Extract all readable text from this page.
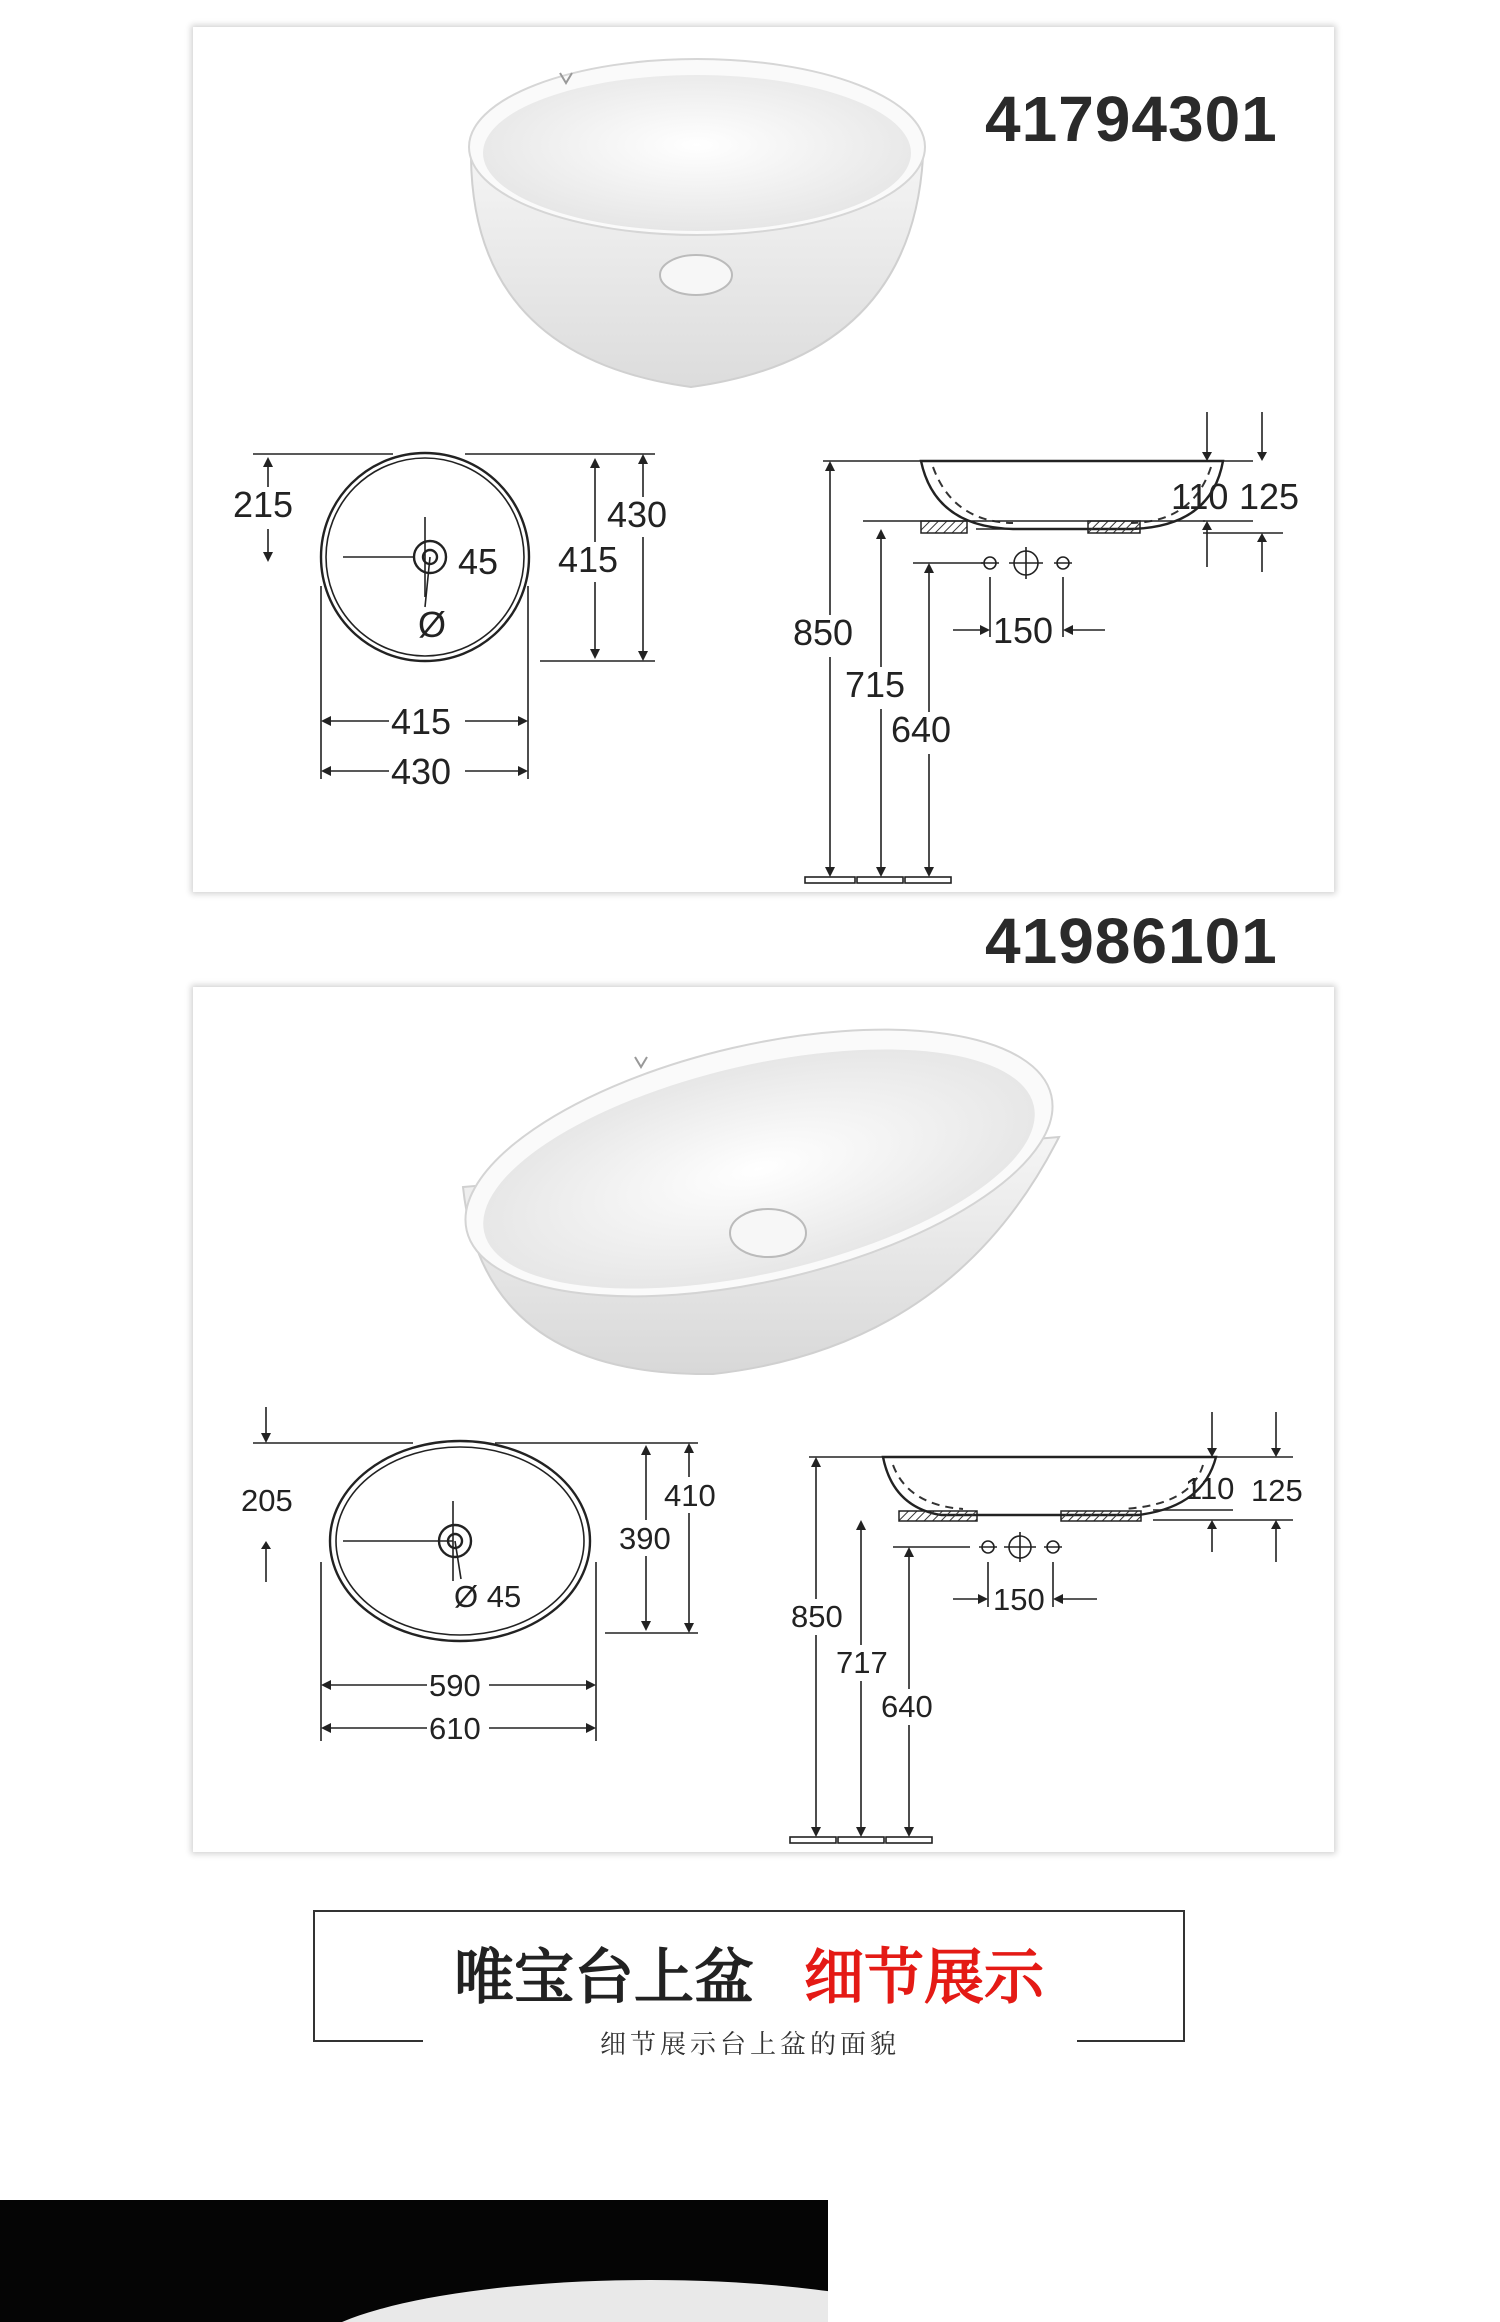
215	430
415
45
Ø
415
430
150
110 125
850
715
640
41794301
41986101
205	410
390
Ø 45
590
610
150
110 125
850
717
640
唯宝台上盆 细节展示
细节展示台上盆的面貌
